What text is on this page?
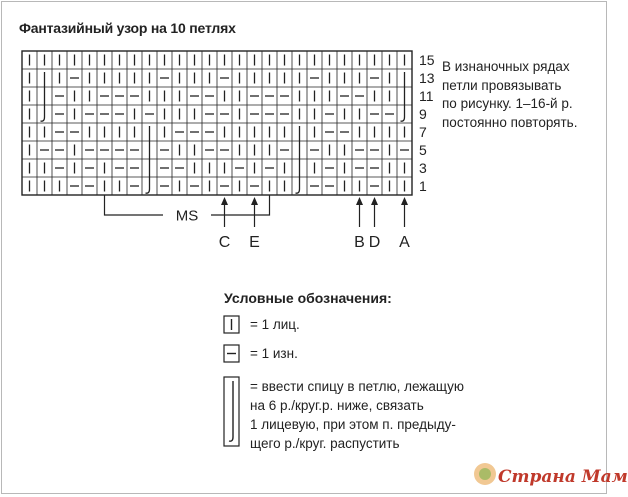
Фантазийный узор на 10 петлях
15
13
11
9
7
5
3
1
MS
C E	B D A
В изнаночных рядах
петли провязывать
по рисунку. 1–16-й р.
постоянно повторять.
Условные обозначения:
= 1 лиц.
= 1 изн.
= ввести спицу в петлю, лежащую
на 6 р./круг.р. ниже, связать
1 лицевую, при этом п. предыду-
щего р./круг. распустить
Страна Мам
